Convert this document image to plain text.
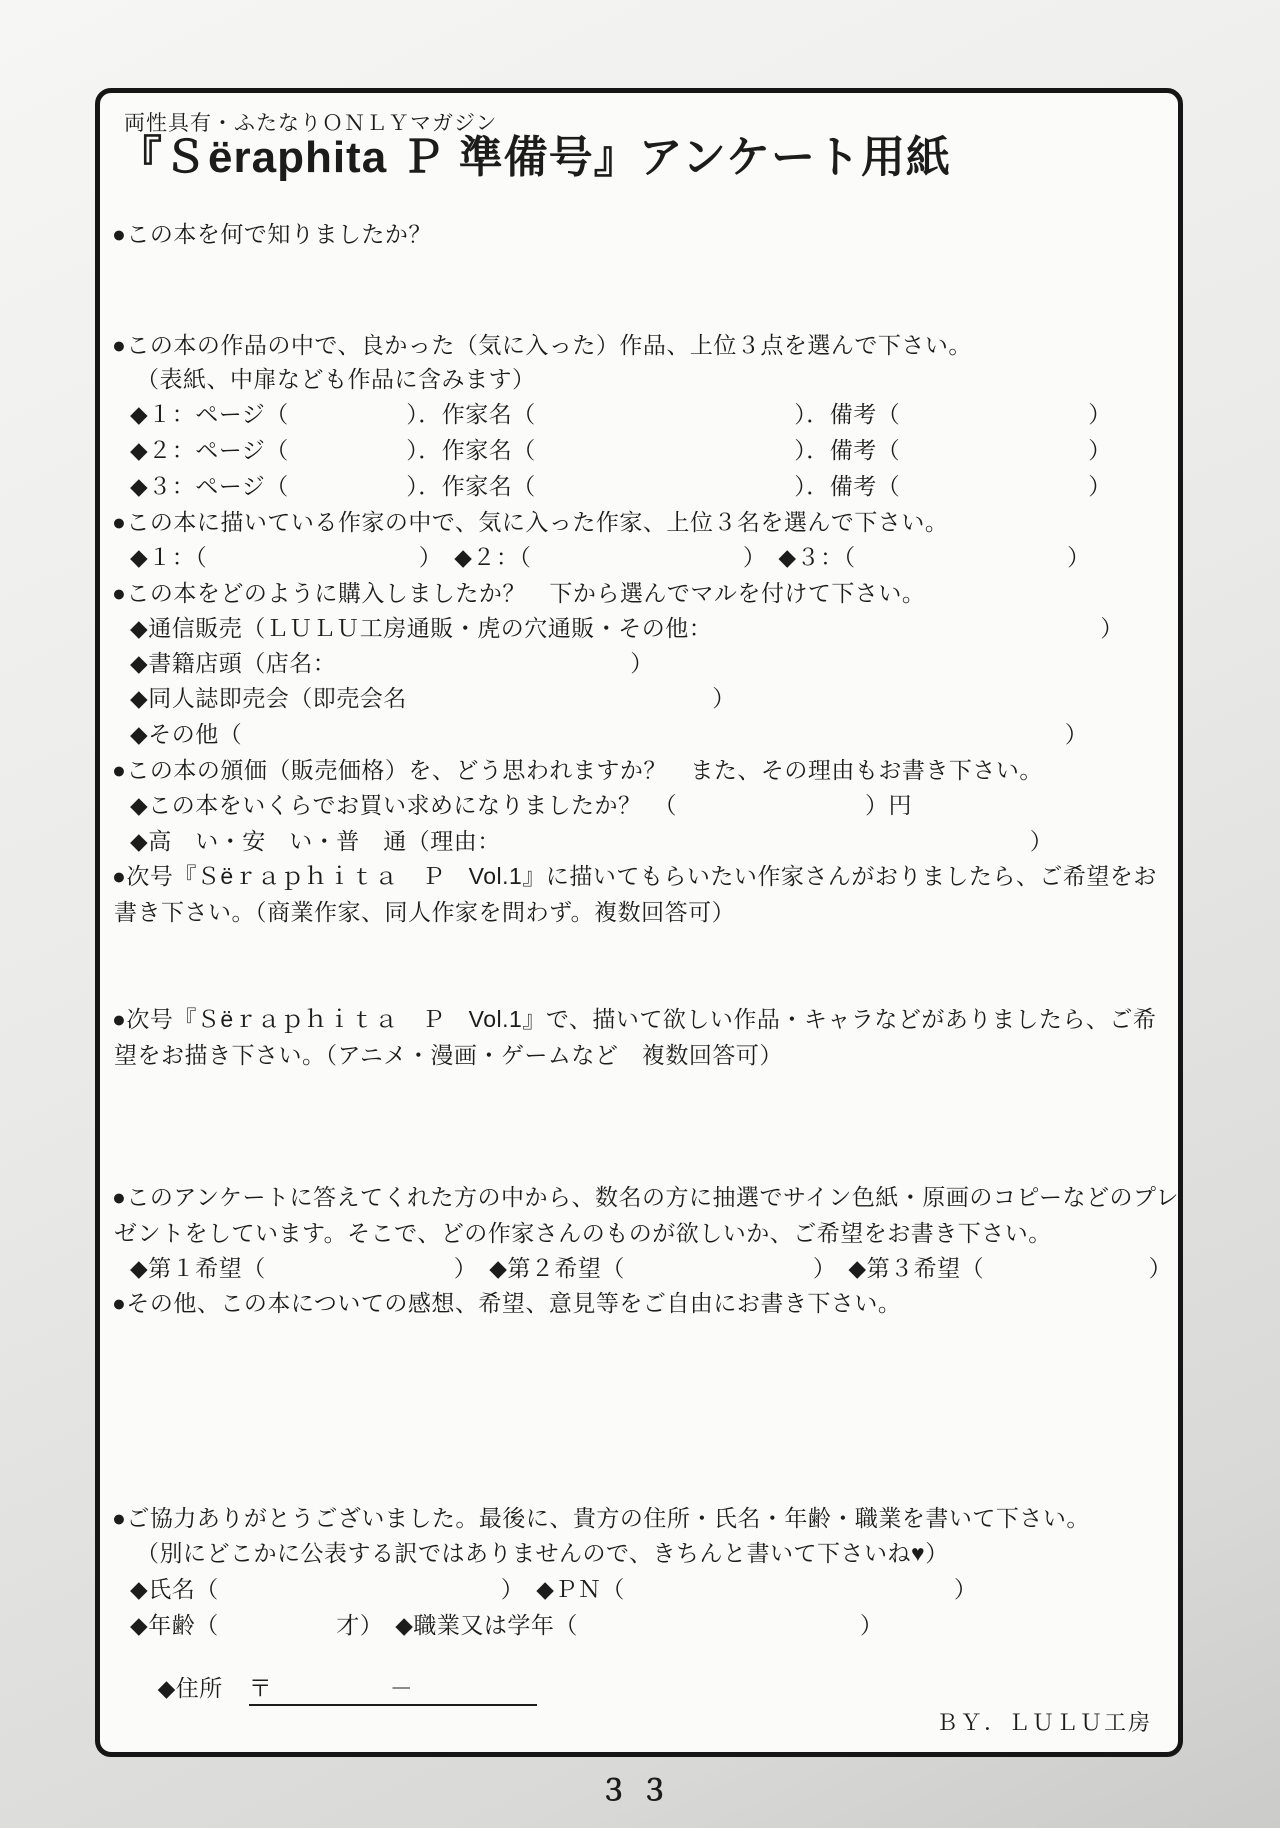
両性具有・ふたなりＯＮＬＹマガジン
『Ｓëraphita Ｐ 準備号』アンケート用紙
●この本を何で知りましたか？
●この本の作品の中で、良かった（気に入った）作品、上位３点を選んで下さい。
（表紙、中扉なども作品に含みます）
◆１：ページ（　　　　　）．作家名（　　　　　　　　　　　）．備考（　　　　　　　　）
◆２：ページ（　　　　　）．作家名（　　　　　　　　　　　）．備考（　　　　　　　　）
◆３：ページ（　　　　　）．作家名（　　　　　　　　　　　）．備考（　　　　　　　　）
●この本に描いている作家の中で、気に入った作家、上位３名を選んで下さい。
◆１：（　　　　　　　　　）　◆２：（　　　　　　　　　）　◆３：（　　　　　　　　　）
●この本をどのように購入しましたか？　下から選んでマルを付けて下さい。
◆通信販売（ＬＵＬＵ工房通販・虎の穴通販・その他：　　　　　　　　　　　　　　　　　）
◆書籍店頭（店名：　　　　　　　　　　　　　）
◆同人誌即売会（即売会名　　　　　　　　　　　　　）
◆その他（　　　　　　　　　　　　　　　　　　　　　　　　　　　　　　　　　　　）
●この本の頒価（販売価格）を、どう思われますか？　また、その理由もお書き下さい。
◆この本をいくらでお買い求めになりましたか？　（　　　　　　　　）円
◆高　い・安　い・普　通（理由：　　　　　　　　　　　　　　　　　　　　　　　）
●次号『Ｓëｒａｐｈｉｔａ　Ｐ　Vol.1』に描いてもらいたい作家さんがおりましたら、ご希望をお
書き下さい。（商業作家、同人作家を問わず。複数回答可）
●次号『Ｓëｒａｐｈｉｔａ　Ｐ　Vol.1』で、描いて欲しい作品・キャラなどがありましたら、ご希
望をお描き下さい。（アニメ・漫画・ゲームなど　複数回答可）
●このアンケートに答えてくれた方の中から、数名の方に抽選でサイン色紙・原画のコピーなどのプレ
ゼントをしています。そこで、どの作家さんのものが欲しいか、ご希望をお書き下さい。
◆第１希望（　　　　　　　　）　◆第２希望（　　　　　　　　）　◆第３希望（　　　　　　　）
●その他、この本についての感想、希望、意見等をご自由にお書き下さい。
●ご協力ありがとうございました。最後に、貴方の住所・氏名・年齢・職業を書いて下さい。
（別にどこかに公表する訳ではありませんので、きちんと書いて下さいね♥）
◆氏名（　　　　　　　　　　　　）　◆ＰＮ（　　　　　　　　　　　　　　）
◆年齢（　　　　　才）　◆職業又は学年（　　　　　　　　　　　　）

◆住所 〒　　　　　－

ＢＹ．ＬＵＬＵ工房
３３
